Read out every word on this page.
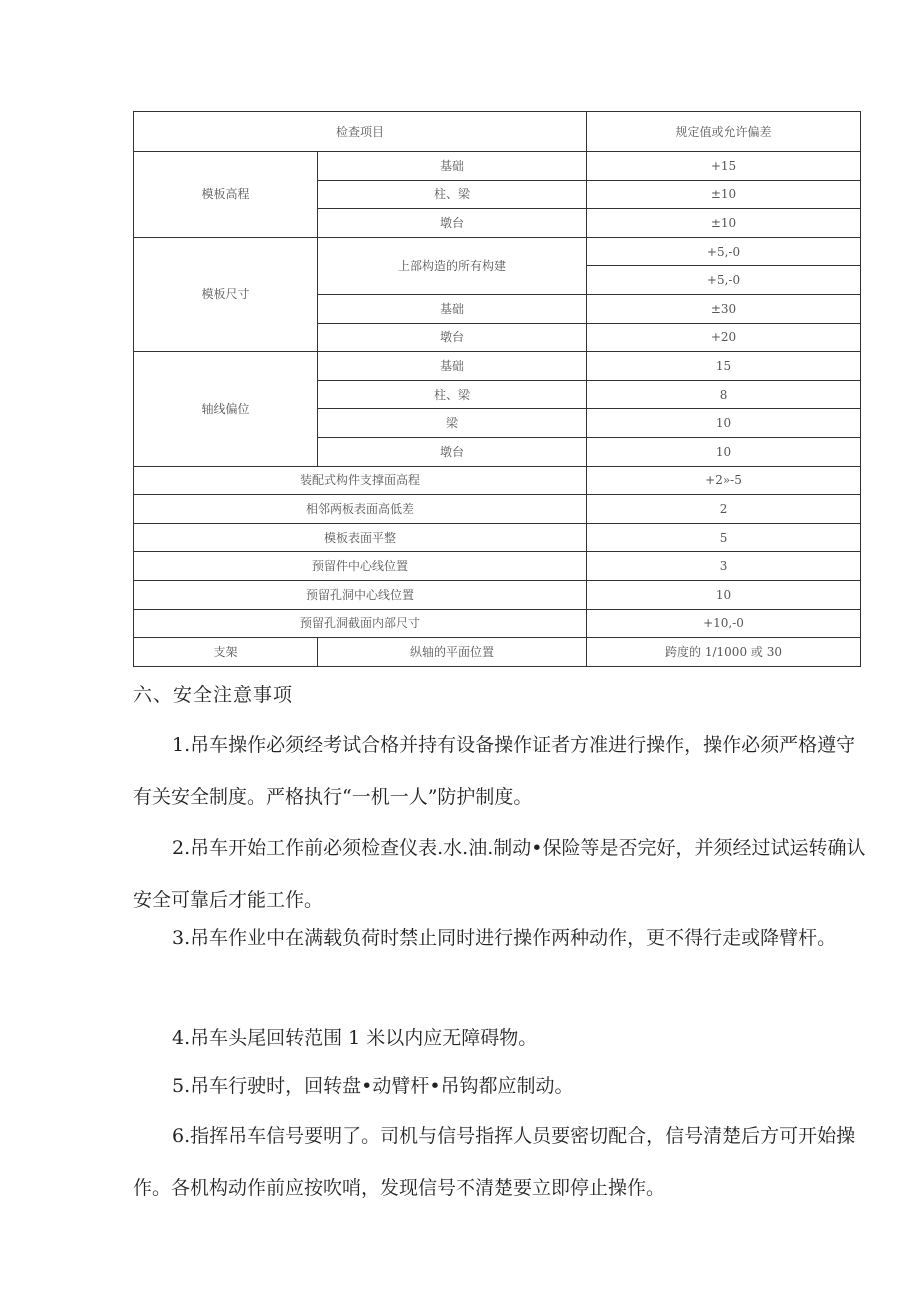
检查项目		规定值或允许偏差
模板高程	基础	+15
	柱、梁	±10
	墩台	±10
模板尺寸	上部构造的所有构建	+5,-0
		+5,-0
	基础	±30
	墩台	+20
轴线偏位	基础	15
	柱、梁	8
	梁	10
	墩台	10
装配式构件支撑面高程		+2»-5
相邻两板表面高低差		2
模板表面平整		5
预留件中心线位置		3
预留孔洞中心线位置		10
预留孔洞截面内部尺寸		+10,-0
支架	纵轴的平面位置	跨度的 1/1000 或 30
六、安全注意事项

1.吊车操作必须经考试合格并持有设备操作证者方准进行操作，操作必须严格遵守有关安全制度。严格执行“一机一人”防护制度。

2.吊车开始工作前必须检查仪表.水.油.制动•保险等是否完好，并须经过试运转确认安全可靠后才能工作。

3.吊车作业中在满载负荷时禁止同时进行操作两种动作，更不得行走或降臂杆。

4.吊车头尾回转范围 1 米以内应无障碍物。

5.吊车行驶时，回转盘•动臂杆•吊钩都应制动。

6.指挥吊车信号要明了。司机与信号指挥人员要密切配合，信号清楚后方可开始操作。各机构动作前应按吹哨，发现信号不清楚要立即停止操作。
